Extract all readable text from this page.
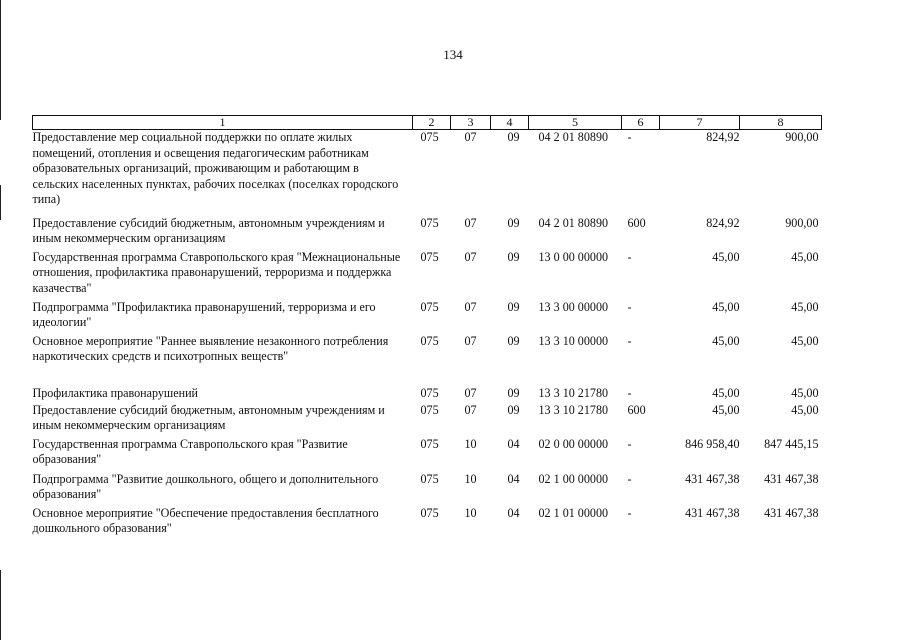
134
1	2	3	4	5	6	7	8
Предоставление мер социальной поддержки по оплате жилых помещений, отопления и освещения педагогическим работникам образовательных организаций, проживающим и работающим в сельских населенных пунктах, рабочих поселках (поселках городского типа)	075	07	09	04 2 01 80890	-	824,92	900,00
Предоставление субсидий бюджетным, автономным учреждениям и иным некоммерческим организациям	075	07	09	04 2 01 80890	600	824,92	900,00
Государственная программа Ставропольского края "Межнациональные отношения, профилактика правонарушений, терроризма и поддержка казачества"	075	07	09	13 0 00 00000	-	45,00	45,00
Подпрограмма "Профилактика правонарушений, терроризма и его идеологии"	075	07	09	13 3 00 00000	-	45,00	45,00
Основное мероприятие "Раннее выявление незаконного потребления наркотических средств и психотропных веществ"	075	07	09	13 3 10 00000	-	45,00	45,00
Профилактика правонарушений	075	07	09	13 3 10 21780	-	45,00	45,00
Предоставление субсидий бюджетным, автономным учреждениям и иным некоммерческим организациям	075	07	09	13 3 10 21780	600	45,00	45,00
Государственная программа Ставропольского края "Развитие образования"	075	10	04	02 0 00 00000	-	846 958,40	847 445,15
Подпрограмма "Развитие дошкольного, общего и дополнительного образования"	075	10	04	02 1 00 00000	-	431 467,38	431 467,38
Основное мероприятие "Обеспечение предоставления бесплатного дошкольного образования"	075	10	04	02 1 01 00000	-	431 467,38	431 467,38
